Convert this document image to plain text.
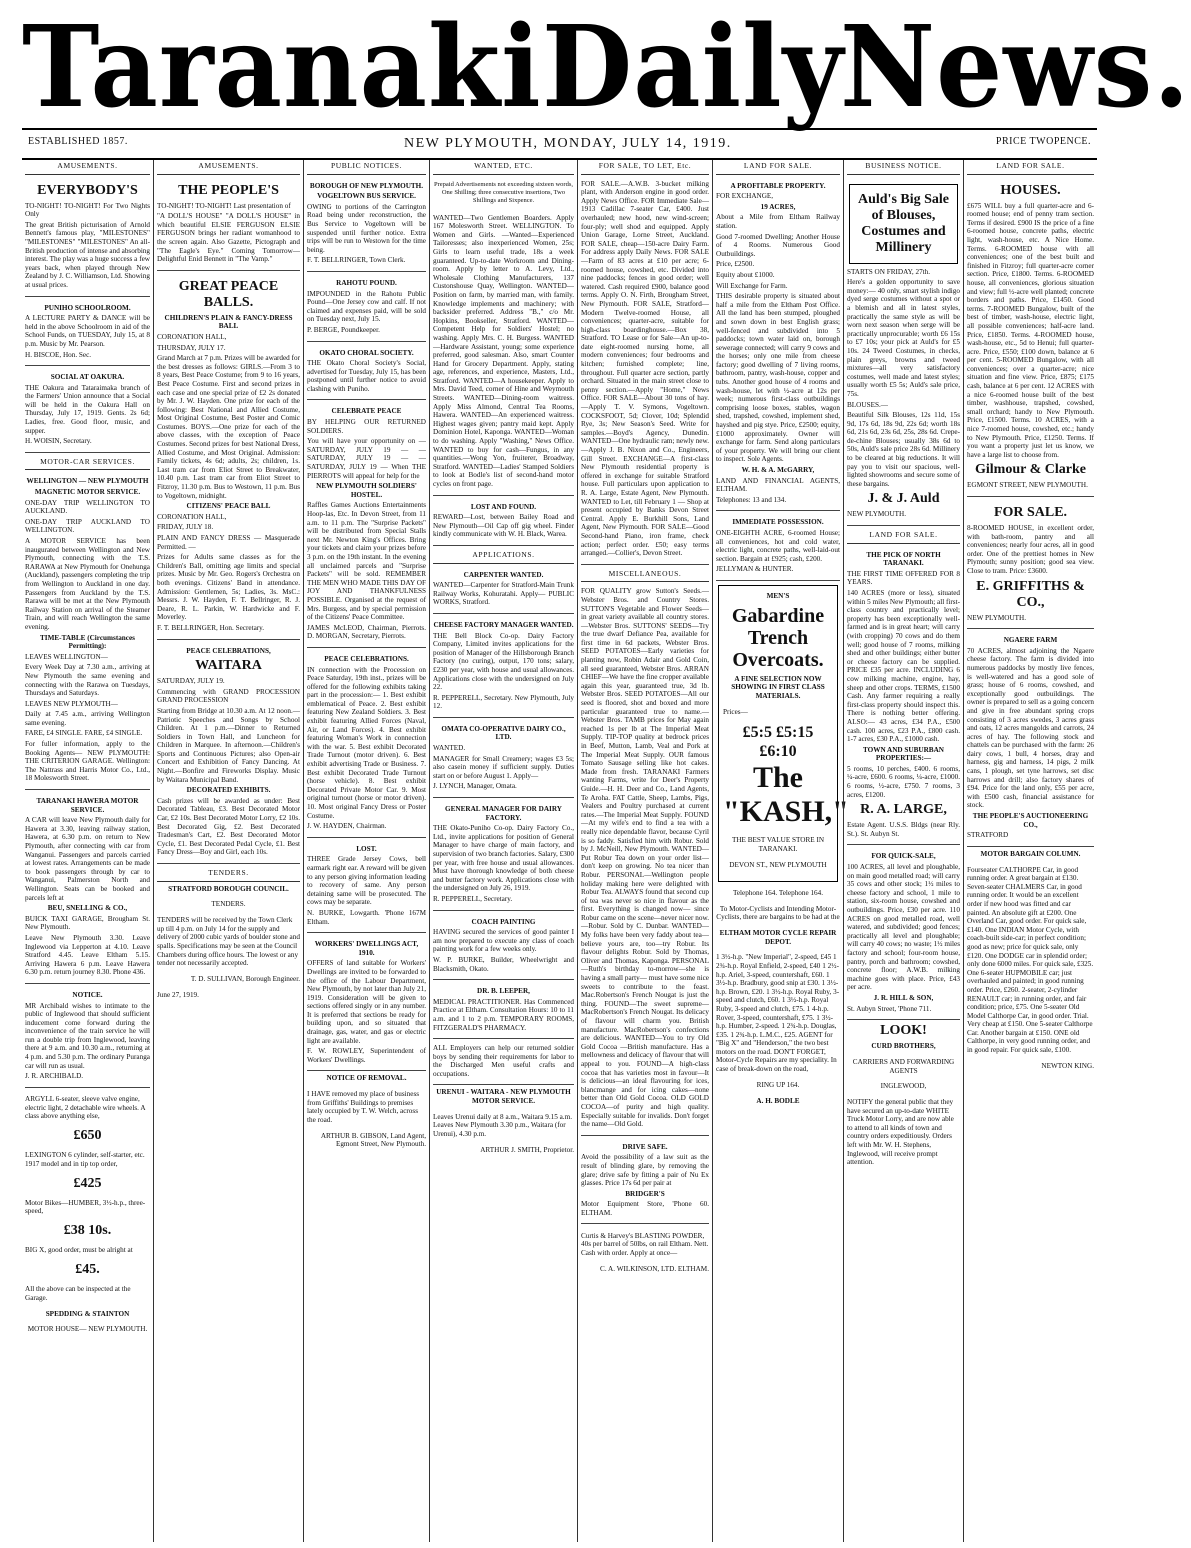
Taranaki Daily
News.
ESTABLISHED 1857.	NEW PLYMOUTH, MONDAY, JULY 14, 1919.	PRICE TWOPENCE.
AMUSEMENTS.
EVERYBODY'S

TO-NIGHT! TO-NIGHT! For Two Nights Only

The great British picturisation of Arnold Bennett's famous play, "MILESTONES" "MILESTONES" "MILESTONES" An all-British production of intense and absorbing interest. The play was a huge success a few years back, when played through New Zealand by J. C. Williamson, Ltd. Showing at usual prices.

PUNIHO SCHOOLROOM.

A LECTURE PARTY & DANCE will be held in the above Schoolroom in aid of the School Funds, on TUESDAY, July 15, at 8 p.m. Music by Mr. Pearson.

H. BISCOE, Hon. Sec.

SOCIAL AT OAKURA.

THE Oakura and Tataraimaka branch of the Farmers' Union announce that a Social will be held in the Oakura Hall on Thursday, July 17, 1919. Gents. 2s 6d; Ladies, free. Good floor, music, and supper.

H. WOISIN, Secretary.

MOTOR-CAR SERVICES.
WELLINGTON — NEW PLYMOUTH
MAGNETIC MOTOR SERVICE.

ONE-DAY TRIP WELLINGTON TO AUCKLAND.

ONE-DAY TRIP AUCKLAND TO WELLINGTON.

A MOTOR SERVICE has been inaugurated between Wellington and New Plymouth, connecting with the T.S. RARAWA at New Plymouth for Onehunga (Auckland), passengers completing the trip from Wellington to Auckland in one day. Passengers from Auckland by the T.S. Rarawa will be met at the New Plymouth Railway Station on arrival of the Steamer Train, and will reach Wellington the same evening.

TIME-TABLE (Circumstances Permitting):

LEAVES WELLINGTON—

Every Week Day at 7.30 a.m., arriving at New Plymouth the same evening and connecting with the Rarawa on Tuesdays, Thursdays and Saturdays.

LEAVES NEW PLYMOUTH—

Daily at 7.45 a.m., arriving Wellington same evening.

FARE, £4 SINGLE. FARE, £4 SINGLE.

For fuller information, apply to the Booking Agents— NEW PLYMOUTH: THE CRITERION GARAGE. Wellington: The Nattrass and Harris Motor Co., Ltd., 18 Molesworth Street.

TARANAKI HAWERA MOTOR SERVICE.

A CAR will leave New Plymouth daily for Hawera at 3.30, leaving railway station, Hawera, at 6.30 p.m. on return to New Plymouth, after connecting with car from Wanganui. Passengers and parcels carried at lowest rates. Arrangements can be made to book passengers through by car to Wanganui, Palmerston North and Wellington. Seats can be booked and parcels left at

BEU, SNELLING & CO.,

BUICK TAXI GARAGE, Brougham St. New Plymouth.

Leave New Plymouth 3.30. Leave Inglewood via Lepperton at 4.10. Leave Stratford 4.45. Leave Eltham 5.15. Arriving Hawera 6 p.m. Leave Hawera 6.30 p.m. return journey 8.30. Phone 436.

NOTICE.

MR Archibald wishes to intimate to the public of Inglewood that should sufficient inducement come forward during the inconvenience of the train service he will run a double trip from Inglewood, leaving there at 9 a.m. and 10.30 a.m., returning at 4 p.m. and 5.30 p.m. The ordinary Puranga car will run as usual.

J. R. ARCHIBALD.

ARGYLL 6-seater, sleeve valve engine, electric light, 2 detachable wire wheels. A class above anything else,

£650

LEXINGTON 6 cylinder, self-starter, etc. 1917 model and in tip top order,

£425

Motor Bikes—HUMBER, 3½-h.p., three-speed,

£38 10s.

BIG X, good order, must be alright at

£45.

All the above can be inspected at the Garage.

SPEDDING & STAINTON

MOTOR HOUSE— NEW PLYMOUTH.

AMUSEMENTS.
THE PEOPLE'S

TO-NIGHT! TO-NIGHT! Last presentation of

"A DOLL'S HOUSE" "A DOLL'S HOUSE" in which beautiful ELSIE FERGUSON ELSIE FERGUSON brings her radiant womanhood to the screen again. Also Gazette, Pictograph and "The Eagle's Eye." Coming Tomorrow—Delightful Enid Bennett in "The Vamp."

GREAT PEACE BALLS.
CHILDREN'S PLAIN & FANCY-DRESS BALL

CORONATION HALL,

THURSDAY, JULY 17.

Grand March at 7 p.m. Prizes will be awarded for the best dresses as follows: GIRLS.—From 3 to 8 years, Best Peace Costume; from 9 to 16 years, Best Peace Costume. First and second prizes in each case and one special prize of £2 2s donated by Mr. J. W. Hayden. One prize for each of the following: Best National and Allied Costume, Most Original Costume, Best Poster and Comic Costumes. BOYS.—One prize for each of the above classes, with the exception of Peace Costumes. Second prizes for best National Dress, Allied Costume, and Most Original. Admission: Family tickets, 4s 6d; adults, 2s; children, 1s. Last tram car from Eliot Street to Breakwater, 10.40 p.m. Last tram car from Eliot Street to Fitzroy, 11.30 p.m. Bus to Westown, 11 p.m. Bus to Vogeltown, midnight.

CITIZENS' PEACE BALL

CORONATION HALL,

FRIDAY, JULY 18.

PLAIN AND FANCY DRESS — Masquerade Permitted. —

Prizes for Adults same classes as for the Children's Ball, omitting age limits and special prizes. Music by Mr. Geo. Rogers's Orchestra on both evenings. Citizens' Band in attendance. Admission: Gentlemen, 5s; Ladies, 3s. MsC.: Messrs. J. W. Hayden, F. T. Bellringer, R. J. Deare, R. L. Parkin, W. Hardwicke and F. Moverley.

F. T. BELLRINGER, Hon. Secretary.

PEACE CELEBRATIONS,
WAITARA

SATURDAY, JULY 19.

Commencing with GRAND PROCESSION GRAND PROCESSION

Starting from Bridge at 10.30 a.m. At 12 noon.—Patriotic Speeches and Songs by School Children. At 1 p.m.—Dinner to Returned Soldiers in Town Hall, and Luncheon for Children in Marquee. In afternoon.—Children's Sports and Continuous Pictures; also Open-air Concert and Exhibition of Fancy Dancing. At Night.—Bonfire and Fireworks Display. Music by Waitara Municipal Band.

DECORATED EXHIBITS.

Cash prizes will be awarded as under: Best Decorated Tableau, £3. Best Decorated Motor Car, £2 10s. Best Decorated Motor Lorry, £2 10s. Best Decorated Gig, £2. Best Decorated Tradesman's Cart, £2. Best Decorated Motor Cycle, £1. Best Decorated Pedal Cycle, £1. Best Fancy Dress—Boy and Girl, each 10s.

TENDERS.
STRATFORD BOROUGH COUNCIL.

TENDERS.

TENDERS will be received by the Town Clerk up till 4 p.m. on July 14 for the supply and delivery of 2000 cubic yards of boulder stone and spalls. Specifications may be seen at the Council Chambers during office hours. The lowest or any tender not necessarily accepted.

T. D. SULLIVAN, Borough Engineer.

June 27, 1919.

PUBLIC NOTICES.
BOROUGH OF NEW PLYMOUTH.
VOGELTOWN BUS SERVICE.

OWING to portions of the Carrington Road being under reconstruction, the Bus Service to Vogeltown will be suspended until further notice. Extra trips will be run to Westown for the time being.

F. T. BELLRINGER, Town Clerk.

RAHOTU POUND.

IMPOUNDED in the Rahotu Public Pound—One Jersey cow and calf. If not claimed and expenses paid, will be sold on Tuesday next, July 15.

P. BERGE, Poundkeeper.

OKATO CHORAL SOCIETY.

THE Okato Choral Society's Social, advertised for Tuesday, July 15, has been postponed until further notice to avoid clashing with Puniho.

CELEBRATE PEACE

BY HELPING OUR RETURNED SOLDIERS.

You will have your opportunity on — SATURDAY, JULY 19 — — SATURDAY, JULY 19 — — SATURDAY, JULY 19 — When THE PIERROTS will appeal for help for the

NEW PLYMOUTH SOLDIERS' HOSTEL.

Raffles Games Auctions Entertainments Hoop-las, Etc. In Devon Street, from 11 a.m. to 11 p.m. The "Surprise Packets" will be distributed from Special Stalls next Mr. Newton King's Offices. Bring your tickets and claim your prizes before 3 p.m. on the 19th instant. In the evening all unclaimed parcels and "Surprise Packets" will be sold. REMEMBER THE MEN WHO MADE THIS DAY OF JOY AND THANKFULNESS POSSIBLE. Organised at the request of Mrs. Burgess, and by special permission of the Citizens' Peace Committee.

JAMES McLEOD, Chairman, Pierrots. D. MORGAN, Secretary, Pierrots.

PEACE CELEBRATIONS.

IN connection with the Procession on Peace Saturday, 19th inst., prizes will be offered for the following exhibits taking part in the procession:— 1. Best exhibit emblematical of Peace. 2. Best exhibit featuring New Zealand Soldiers. 3. Best exhibit featuring Allied Forces (Naval, Air, or Land Forces). 4. Best exhibit featuring Woman's Work in connection with the war. 5. Best exhibit Decorated Trade Turnout (motor driven). 6. Best exhibit advertising Trade or Business. 7. Best exhibit Decorated Trade Turnout (horse vehicle). 8. Best exhibit Decorated Private Motor Car. 9. Most original turnout (horse or motor driven). 10. Most original Fancy Dress or Poster Costume.

J. W. HAYDEN, Chairman.

LOST.

THREE Grade Jersey Cows, bell earmark right ear. A reward will be given to any person giving information leading to recovery of same. Any person detaining same will be prosecuted. The cows may be separate.

N. BURKE, Lowgarth. 'Phone 167M Eltham.

WORKERS' DWELLINGS ACT, 1910.

OFFERS of land suitable for Workers' Dwellings are invited to be forwarded to the office of the Labour Department, New Plymouth, by not later than July 21, 1919. Consideration will be given to sections offered singly or in any number. It is preferred that sections be ready for building upon, and so situated that drainage, gas, water, and gas or electric light are available.

F. W. ROWLEY, Superintendent of Workers' Dwellings.

NOTICE OF REMOVAL.

I HAVE removed my place of business from Griffiths' Buildings to premises lately occupied by T. W. Welch, across the road.

ARTHUR B. GIBSON, Land Agent, Egmont Street, New Plymouth.

WANTED, ETC.

Prepaid Advertisements not exceeding sixteen words, One Shilling; three consecutive insertions, Two Shillings and Sixpence.

WANTED—Two Gentlemen Boarders. Apply 167 Molesworth Street. WELLINGTON. To Women and Girls. —Wanted—Experienced Tailoresses; also inexperienced Women, 25s; Girls to learn useful trade, 18s a week guaranteed. Up-to-date Workroom and Dining-room. Apply by letter to A. Levy, Ltd., Wholesale Clothing Manufacturers, 137 Custonshouse Quay, Wellington. WANTED—Position on farm, by married man, with family. Knowledge implements and machinery; with backsider preferred. Address "B.," c/o Mr. Hopkins, Bookseller, Stratford. WANTED—Competent Help for Soldiers' Hostel; no washing. Apply Mrs. C. H. Burgess. WANTED—Hardware Assistant, young; some experience preferred, good salesman. Also, smart Counter Hand for Grocery Department. Apply, stating age, references, and experience, Masters, Ltd., Stratford. WANTED—A housekeeper. Apply to Mrs. David Teed, corner of Hine and Weymouth Streets. WANTED—Dining-room waitress. Apply Miss Almond, Central Tea Rooms, Hawera. WANTED—An experienced waitress. Highest wages given; pantry maid kept. Apply Dominion Hotel, Kaponga. WANTED—Woman to do washing. Apply "Washing," News Office. WANTED to buy for cash—Fungus, in any quantities.—Wong Yon, fruiterer, Broadway, Stratford. WANTED—Ladies' Stamped Soldiers to look at Bodle's list of second-hand motor cycles on front page.

LOST AND FOUND.

REWARD—Lost, between Bailey Road and New Plymouth—Oil Cap off gig wheel. Finder kindly communicate with W. H. Black, Warea.

APPLICATIONS.
CARPENTER WANTED.

WANTED—Carpenter for Stratford-Main Trunk Railway Works, Kohuratahi. Apply— PUBLIC WORKS, Stratford.

CHEESE FACTORY MANAGER WANTED.

THE Bell Block Co-op. Dairy Factory Company, Limited invites applications for the position of Manager of the Hillsborough Branch Factory (no curing), output, 170 tons; salary, £230 per year, with house and usual allowances. Applications close with the undersigned on July 22.

R. PEPPERELL, Secretary. New Plymouth, July 12.

OMATA CO-OPERATIVE DAIRY CO., LTD.

WANTED.

MANAGER for Small Creamery; wages £3 5s; also casein money if sufficient supply. Duties start on or before August 1. Apply—

J. LYNCH, Manager, Omata.

GENERAL MANAGER FOR DAIRY FACTORY.

THE Okato-Puniho Co-op. Dairy Factory Co., Ltd., invite applications for position of General Manager to have charge of main factory, and supervision of two branch factories. Salary, £300 per year, with free house and usual allowances. Must have thorough knowledge of both cheese and butter factory work. Applications close with the undersigned on July 26, 1919.

R. PEPPERELL, Secretary.

COACH PAINTING

HAVING secured the services of good painter I am now prepared to execute any class of coach painting work for a few weeks only.

W. P. BURKE, Builder, Wheelwright and Blacksmith, Okato.

DR. B. LEEPER,

MEDICAL PRACTITIONER. Has Commenced Practice at Eltham. Consultation Hours: 10 to 11 a.m. and 1 to 2 p.m. TEMPORARY ROOMS, FITZGERALD'S PHARMACY.

ALL Employers can help our returned soldier boys by sending their requirements for labor to the Discharged Men useful crafts and occupations.

URENUI - WAITARA - NEW PLYMOUTH MOTOR SERVICE.

Leaves Urenui daily at 8 a.m., Waitara 9.15 a.m. Leaves New Plymouth 3.30 p.m., Waitara (for Urenui), 4.30 p.m.

ARTHUR J. SMITH, Proprietor.

FOR SALE, TO LET, Etc.

FOR SALE.—A.W.B. 3-bucket milking plant, with Anderson engine in good order. Apply News Office. FOR Immediate Sale—1913 Cadillac 7-seater Car, £400. Just overhauled; new hood, new wind-screen; four-ply; well shod and equipped. Apply Union Garage, Lorne Street, Auckland. FOR SALE, cheap—150-acre Dairy Farm. For address apply Daily News. FOR SALE—Farm of 83 acres at £10 per acre; 6-roomed house, cowshed, etc. Divided into nine paddocks; fences in good order; well watered. Cash required £900, balance good terms. Apply O. N. Firth, Brougham Street, New Plymouth. FOR SALE, Stratford—Modern Twelve-roomed House, all conveniences; quarter-acre, suitable for high-class boardinghouse.—Box 38, Stratford. TO Lease or for Sale—An up-to-date eight-roomed nursing home, all modern conveniences; four bedrooms and kitchen; furnished complete; line, throughout. Full quarter acre section, partly orchard. Situated in the main street close to penny section.—Apply "Home," News Office. FOR SALE—About 30 tons of hay. —Apply T. V. Symons, Vogeltown. COCKSFOOT, 5d; Clover, 10d; Splendid Rye, 3s; New Season's Seed. Write for samples.—Boyd's Agency, Dunedin. WANTED—One hydraulic ram; newly new.—Apply J. B. Nixon and Co., Engineers, Gill Street. EXCHANGE—A first-class New Plymouth residential property is offered in exchange for suitable Stratford house. Full particulars upon application to R. A. Large, Estate Agent, New Plymouth. WANTED to Let, till February 1 — Shop at present occupied by Banks Devon Street Central. Apply E. Burkhill Sons, Land Agent, New Plymouth. FOR SALE—Good Second-hand Piano, iron frame, check action; perfect order. £50; easy terms arranged.—Collier's, Devon Street.

MISCELLANEOUS.

FOR QUALITY grow Sutton's Seeds.—Webster Bros. and Country Stores. SUTTON'S Vegetable and Flower Seeds—in great variety available all country stores.—Webster Bros. SUTTONS' SEEDS—Try the true dwarf Defiance Pea, available for first time in 6d packets, Webster Bros. SEED POTATOES—Early varieties for planting now, Robin Adair and Gold Coin, all seed guaranteed, Webster Bros. ARRAN CHIEF—We have the fine cropper available again this year, guaranteed true, 3d lb. Webster Bros. SEED POTATOES—All our seed is floored, shot and boxed and more particular guaranteed true to name.—Webster Bros. TAMB prices for May again reached 1s per lb at The Imperial Meat Supply. TIP-TOP quality at bedrock prices in Beef, Mutton, Lamb, Veal and Pork at The Imperial Meat Supply. OUR famous Tomato Sausage selling like hot cakes. Made from fresh. TARANAKI Farmers wanting Farms, write for Deer's Property Guide.—H. H. Deer and Co., Land Agents, Te Aroha. FAT Cattle, Sheep, Lambs, Pigs, Vealers and Poultry purchased at current rates.—The Imperial Meat Supply. FOUND—At my wife's end to find a tea with a really nice dependable flavor, because Cyril is so faddy. Satisfied him with Robur. Sold by J. McNeill, New Plymouth. WANTED—Put Robur Tea down on your order list—don't keep on growing. No tea nicer than Robur. PERSONAL—Wellington people holiday making here were delighted with Robur Tea. ALWAYS found that second cup of tea was never so nice in flavour as the first. Everything is changed now— since Robur came on the scene—never nicer now.—Robur. Sold by C. Dunbar. WANTED—My folks have been very faddy about tea—believe yours are, too—try Robur. Its flavour delights Robur. Sold by Thomas, Oliver and Thomas, Kaponga. PERSONAL—Ruth's birthday to-morrow—she is having a small party— must have some nice sweets to contribute to the feast. Mac.Robertson's French Nougat is just the thing. FOUND—The sweet supreme—MacRobertson's French Nougat. Its delicacy of flavour will charm you. British manufacture. MacRobertson's confections are delicious. WANTED—You to try Old Gold Cocoa —British manufacture. Has a mellowness and delicacy of flavour that will appeal to you. FOUND—A high-class cocoa that has varieties most in favour—It is delicious—an ideal flavouring for ices, blancmange and for icing cakes—none better than Old Gold Cocoa. OLD GOLD COCOA—of purity and high quality. Especially suitable for invalids. Don't forget the name—Old Gold.

DRIVE SAFE.

Avoid the possibility of a law suit as the result of blinding glare, by removing the glare; drive safe by fitting a pair of Nu Ex glasses. Price 17s 6d per pair at

BRIDGER'S

Motor Equipment Store, 'Phone 60. ELTHAM.

Curtis & Harvey's BLASTING POWDER, 40s per barrel of 50lbs, on rail Eltham. Nett. Cash with order. Apply at once—

C. A. WILKINSON, LTD. ELTHAM.

LAND FOR SALE.
A PROFITABLE PROPERTY.

FOR EXCHANGE,

19 ACRES,

About a Mile from Eltham Railway station.

Good 7-roomed Dwelling; Another House of 4 Rooms. Numerous Good Outbuildings.

Price, £2500.

Equity about £1000.

Will Exchange for Farm.

THIS desirable property is situated about half a mile from the Eltham Post Office. All the land has been stumped, ploughed and sown down in best English grass; well-fenced and subdivided into 5 paddocks; town water laid on, borough sewerage connected; will carry 9 cows and the horses; only one mile from cheese factory; good dwelling of 7 living rooms, bathroom, pantry, wash-house, copper and tubs. Another good house of 4 rooms and wash-house, let with ½-acre at 12s per week; numerous first-class outbuildings comprising loose boxes, stables, wagon shed, trapshed, cowshed, implement shed, hayshed and pig stye. Price, £2500; equity, £1000 approximately. Owner will exchange for farm. Send along particulars of your property. We will bring our client to inspect. Sole Agents.

W. H. & A. McGARRY,

LAND AND FINANCIAL AGENTS, ELTHAM.

Telephones: 13 and 134.

IMMEDIATE POSSESSION.

ONE-EIGHTH ACRE, 6-roomed House; all conveniences, hot and cold water, electric light, concrete paths, well-laid-out section. Bargain at £925; cash, £200.

JELLYMAN & HUNTER.

MEN'S
Gabardine Trench Overcoats.
A FINE SELECTION NOW SHOWING IN FIRST CLASS MATERIALS.

Prices—

£5:5 £5:15
£6:10
The "KASH,"

THE BEST VALUE STORE IN TARANAKI.

DEVON ST., NEW PLYMOUTH

Telephone 164. Telephone 164.

To Motor-Cyclists and Intending Motor-Cyclists, there are bargains to be had at the

ELTHAM MOTOR CYCLE REPAIR DEPOT.

1 3½-h.p. "New Imperial", 2-speed, £45 1 2¾-h.p. Royal Enfield, 2-speed, £40 1 2½-h.p. Ariel, 3-speed, countershaft, £60. 1 3½-h.p. Bradbury, good snip at £30. 1 3½-h.p. Brown, £20. 1 3½-h.p. Royal Ruby, 3-speed and clutch, £60. 1 3½-h.p. Royal Ruby, 3-speed and clutch, £75. 1 4-h.p. Rover, 3-speed, countershaft, £75. 1 3½-h.p. Humber, 2-speed. 1 2¾-h.p. Douglas, £35. 1 2¾-h.p. L.M.C., £25. AGENT for "Big X" and "Henderson," the two best motors on the road. DON'T FORGET, Motor-Cycle Repairs are my speciality. In case of break-down on the road,

RING UP 164.

A. H. BODLE
BUSINESS NOTICE.
Auld's Big Sale of Blouses, Costumes and Millinery

STARTS ON FRIDAY, 27th.

Here's a golden opportunity to save money:— 40 only, smart stylish indigo dyed serge costumes without a spot or a blemish and all in latest styles, practically the same style as will be worn next season when serge will be practically unprocurable; worth £6 15s to £7 10s; your pick at Auld's for £5 10s. 24 Tweed Costumes, in checks, plain greys, browns and tweed mixtures—all very satisfactory costumes, well made and latest styles; usually worth £5 5s; Auld's sale price, 75s.

BLOUSES.—

Beautiful Silk Blouses, 12s 11d, 15s 9d, 17s 6d, 18s 9d, 22s 6d; worth 18s 6d, 21s 6d, 23s 6d, 25s, 28s 6d. Crepe-de-chine Blouses; usually 38s 6d to 50s, Auld's sale price 28s 6d. Millinery to be cleared at big reductions. It will pay you to visit our spacious, well-lighted showrooms and secure some of these bargains.

J. & J. Auld

NEW PLYMOUTH.

LAND FOR SALE.
THE PICK OF NORTH TARANAKI.

THE FIRST TIME OFFERED FOR 8 YEARS.

140 ACRES (more or less), situated within 5 miles New Plymouth; all first-class country and practically level; property has been exceptionally well-farmed and is in great heart; will carry (with cropping) 70 cows and do them well; good house of 7 rooms, milking shed and other buildings; either butter or cheese factory can be supplied. PRICE £35 per acre. INCLUDING 6 cow milking machine, engine, hay, sheep and other crops. TERMS, £1500 Cash. Any farmer requiring a really first-class property should inspect this. There is nothing better offering. ALSO:— 43 acres, £34 P.A., £500 cash. 100 acres, £23 P.A., £800 cash. 1-7 acres, £30 P.A., £1000 cash.

TOWN AND SUBURBAN PROPERTIES:—

5 rooms, 10 perches, £400. 6 rooms, ¼-acre, £600. 6 rooms, ¼-acre, £1000. 6 rooms, ½-acre, £750. 7 rooms, 3 acres, £1200.

R. A. LARGE,

Estate Agent. U.S.S. Bldgs (near Rly. St.). St. Aubyn St.

FOR QUICK-SALE,

100 ACRES, all level and ploughable, on main good metalled road; will carry 35 cows and other stock; 1½ miles to cheese factory and school, 1 mile to station, six-room house, cowshed and outbuildings. Price, £30 per acre. 110 ACRES on good metalled road, well watered, and subdivided; good fences; practically all level and ploughable; will carry 40 cows; no waste; 1½ miles factory and school; four-room house, pantry, porch and bathroom; cowshed, concrete floor; A.W.B. milking machine goes with place. Price, £43 per acre.

J. R. HILL & SON,

St. Aubyn Street, 'Phone 711.

LOOK!
CURD BROTHERS,

CARRIERS AND FORWARDING AGENTS

INGLEWOOD,

NOTIFY the general public that they have secured an up-to-date WHITE Truck Motor Lorry, and are now able to attend to all kinds of town and country orders expeditiously. Orders left with Mr. W. H. Stephens, Inglewood, will receive prompt attention.

LAND FOR SALE.
HOUSES.

£675 WILL buy a full quarter-acre and 6-roomed house; end of penny tram section. Terms if desired. £900 IS the price of a fine 6-roomed house, concrete paths, electric light, wash-house, etc. A Nice Home. Terms. 6-ROOMED house with all conveniences; one of the best built and finished in Fitzroy; full quarter-acre corner section. Price, £1800. Terms. 6-ROOMED house, all conveniences, glorious situation and view; full ½-acre well planted; concrete borders and paths. Price, £1450. Good terms. 7-ROOMED Bungalow, built of the best of timber, wash-house, electric light, all possible conveniences; half-acre land. Price, £1850. Terms. 4-ROOMED house, wash-house, etc., 5d to Henui; full quarter-acre. Price, £550; £100 down, balance at 6 per cent. 5-ROOMED Bungalow, with all conveniences; over a quarter-acre; nice situation and fine view. Price, £875; £175 cash, balance at 6 per cent. 12 ACRES with a nice 6-roomed house built of the best timber, washhouse, trapshed, cowshed, small orchard; handy to New Plymouth. Price, £1500. Terms. 10 ACRES, with a nice 7-roomed house, cowshed, etc.; handy to New Plymouth. Price, £1250. Terms. If you want a property just let us know, we have a large list to choose from.

Gilmour & Clarke

EGMONT STREET, NEW PLYMOUTH.

FOR SALE.

8-ROOMED HOUSE, in excellent order, with bath-room, pantry and all conveniences; nearly four acres, all in good order. One of the prettiest homes in New Plymouth; sunny position; good sea view. Close to tram. Price: £3600.

E. GRIFFITHS & CO.,

NEW PLYMOUTH.

NGAERE FARM

70 ACRES, almost adjoining the Ngaere cheese factory. The farm is divided into numerous paddocks by mostly live fences, is well-watered and has a good sole of grass; house of 6 rooms, cowshed, and exceptionally good outbuildings. The owner is prepared to sell as a going concern and give in free abundant spring crops consisting of 3 acres swedes, 3 acres grass and oats, 12 acres mangolds and carrots, 24 acres of hay. The following stock and chattels can be purchased with the farm: 26 dairy cows, 1 bull, 4 horses, dray and harness, gig and harness, 14 pigs, 2 milk cans, 1 plough, set tyne harrows, set disc harrows and drill; also factory shares of £94. Price for the land only, £55 per acre, with £500 cash, financial assistance for stock.

THE PEOPLE'S AUCTIONEERING CO.,

STRATFORD

MOTOR BARGAIN COLUMN.

Fourseater CALTHORPE Car, in good running order. A great bargain at £130. Seven-seater CHALMERS Car, in good running order. It would be an excellent order if new hood was fitted and car painted. An absolute gift at £200. One Overland Car, good order. For quick sale, £140. One INDIAN Motor Cycle, with coach-built side-car; in perfect condition; good as new; price for quick sale, only £120. One DODGE car in splendid order; only done 6000 miles. For quick sale, £325. One 6-seater HUPMOBILE car; just overhauled and painted; in good running order. Price, £260. 2-seater, 2-cylinder RENAULT car; in running order, and fair condition; price, £75. One 5-seater Old Model Calthorpe Car, in good order. Trial. Very cheap at £150. One 5-seater Calthorpe Car. Another bargain at £150. ONE old Calthorpe, in very good running order, and in good repair. For quick sale, £100.

NEWTON KING.
